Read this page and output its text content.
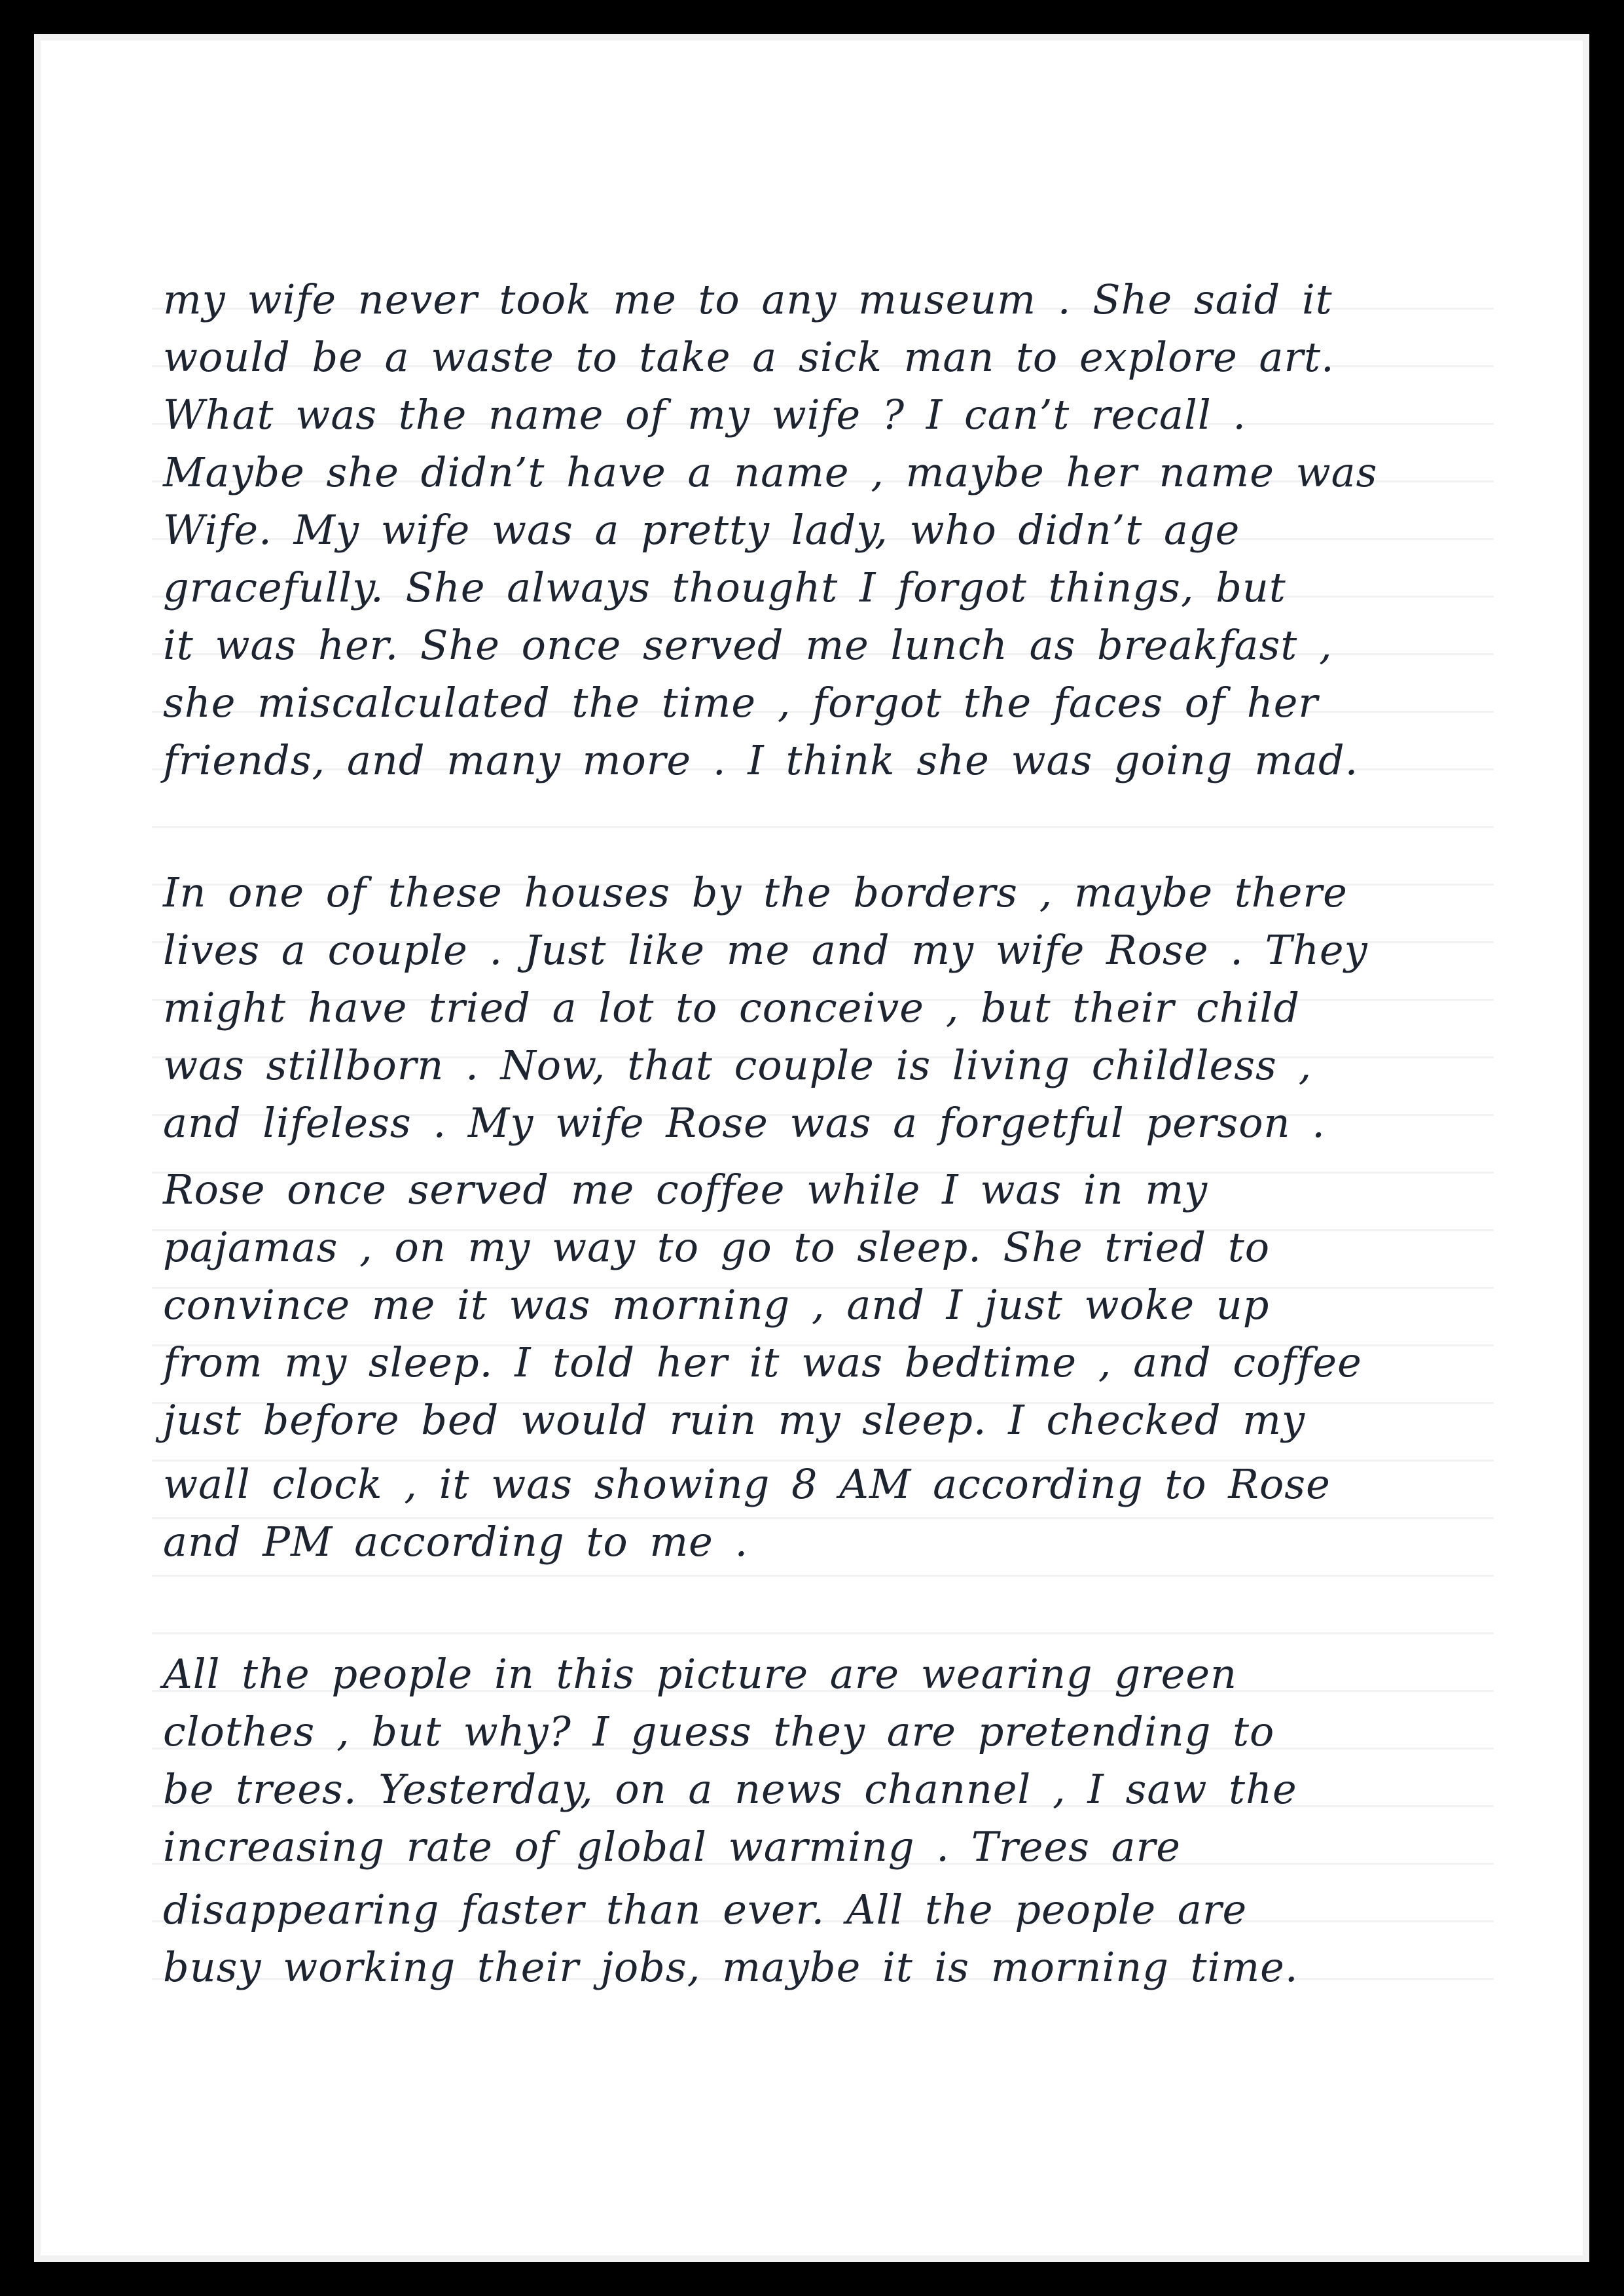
my wife never took me to any museum . She said it
would be a waste to take a sick man to explore art.
What was the name of my wife ? I can’t recall .
Maybe she didn’t have a name , maybe her name was
Wife. My wife was a pretty lady, who didn’t age
gracefully. She always thought I forgot things, but
it was her. She once served me lunch as breakfast ,
she miscalculated the time , forgot the faces of her
friends, and many more . I think she was going mad.
In one of these houses by the borders , maybe there
lives a couple . Just like me and my wife Rose . They
might have tried a lot to conceive , but their child
was stillborn . Now, that couple is living childless ,
and lifeless . My wife Rose was a forgetful person .
Rose once served me coffee while I was in my
pajamas , on my way to go to sleep. She tried to
convince me it was morning , and I just woke up
from my sleep. I told her it was bedtime , and coffee
just before bed would ruin my sleep. I checked my
wall clock , it was showing 8 AM according to Rose
and PM according to me .
All the people in this picture are wearing green
clothes , but why? I guess they are pretending to
be trees. Yesterday, on a news channel , I saw the
increasing rate of global warming . Trees are
disappearing faster than ever. All the people are
busy working their jobs, maybe it is morning time.
